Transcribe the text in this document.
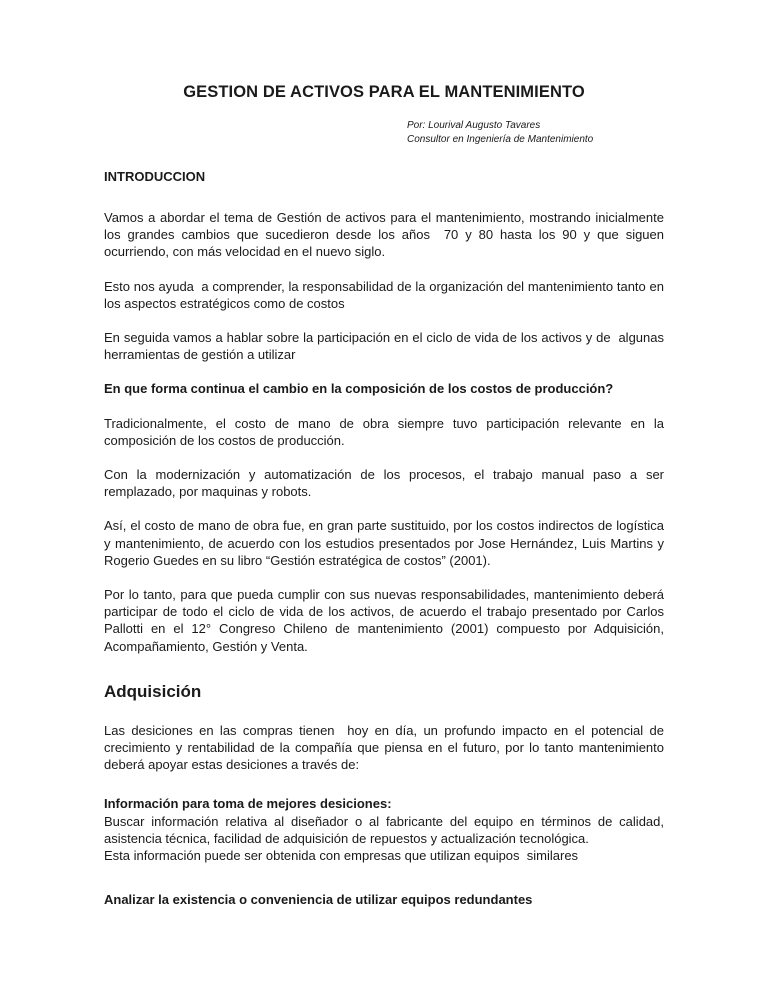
GESTION DE ACTIVOS PARA EL MANTENIMIENTO
Por: Lourival Augusto Tavares
Consultor en Ingeniería de Mantenimiento
INTRODUCCION

Vamos a abordar el tema de Gestión de activos para el mantenimiento, mostrando inicialmente los grandes cambios que sucedieron desde los años  70 y 80 hasta los 90 y que siguen ocurriendo, con más velocidad en el nuevo siglo.

Esto nos ayuda  a comprender, la responsabilidad de la organización del mantenimiento tanto en los aspectos estratégicos como de costos

En seguida vamos a hablar sobre la participación en el ciclo de vida de los activos y de  algunas herramientas de gestión a utilizar

En que forma continua el cambio en la composición de los costos de producción?

Tradicionalmente, el costo de mano de obra siempre tuvo participación relevante en la composición de los costos de producción.

Con la modernización y automatización de los procesos, el trabajo manual paso a ser remplazado, por maquinas y robots.

Así, el costo de mano de obra fue, en gran parte sustituido, por los costos indirectos de logística y mantenimiento, de acuerdo con los estudios presentados por Jose Hernández, Luis Martins y Rogerio Guedes en su libro “Gestión estratégica de costos” (2001).

Por lo tanto, para que pueda cumplir con sus nuevas responsabilidades, mantenimiento deberá participar de todo el ciclo de vida de los activos, de acuerdo el trabajo presentado por Carlos Pallotti en el 12° Congreso Chileno de mantenimiento (2001) compuesto por Adquisición,  Acompañamiento, Gestión y Venta.

Adquisición

Las desiciones en las compras tienen  hoy en día, un profundo impacto en el potencial de crecimiento y rentabilidad de la compañía que piensa en el futuro, por lo tanto mantenimiento deberá apoyar estas desiciones a través de:

Información para toma de mejores desiciones:

Buscar información relativa al diseñador o al fabricante del equipo en términos de calidad, asistencia técnica, facilidad de adquisición de repuestos y actualización tecnológica.

Esta información puede ser obtenida con empresas que utilizan equipos  similares

Analizar la existencia o conveniencia de utilizar equipos redundantes
